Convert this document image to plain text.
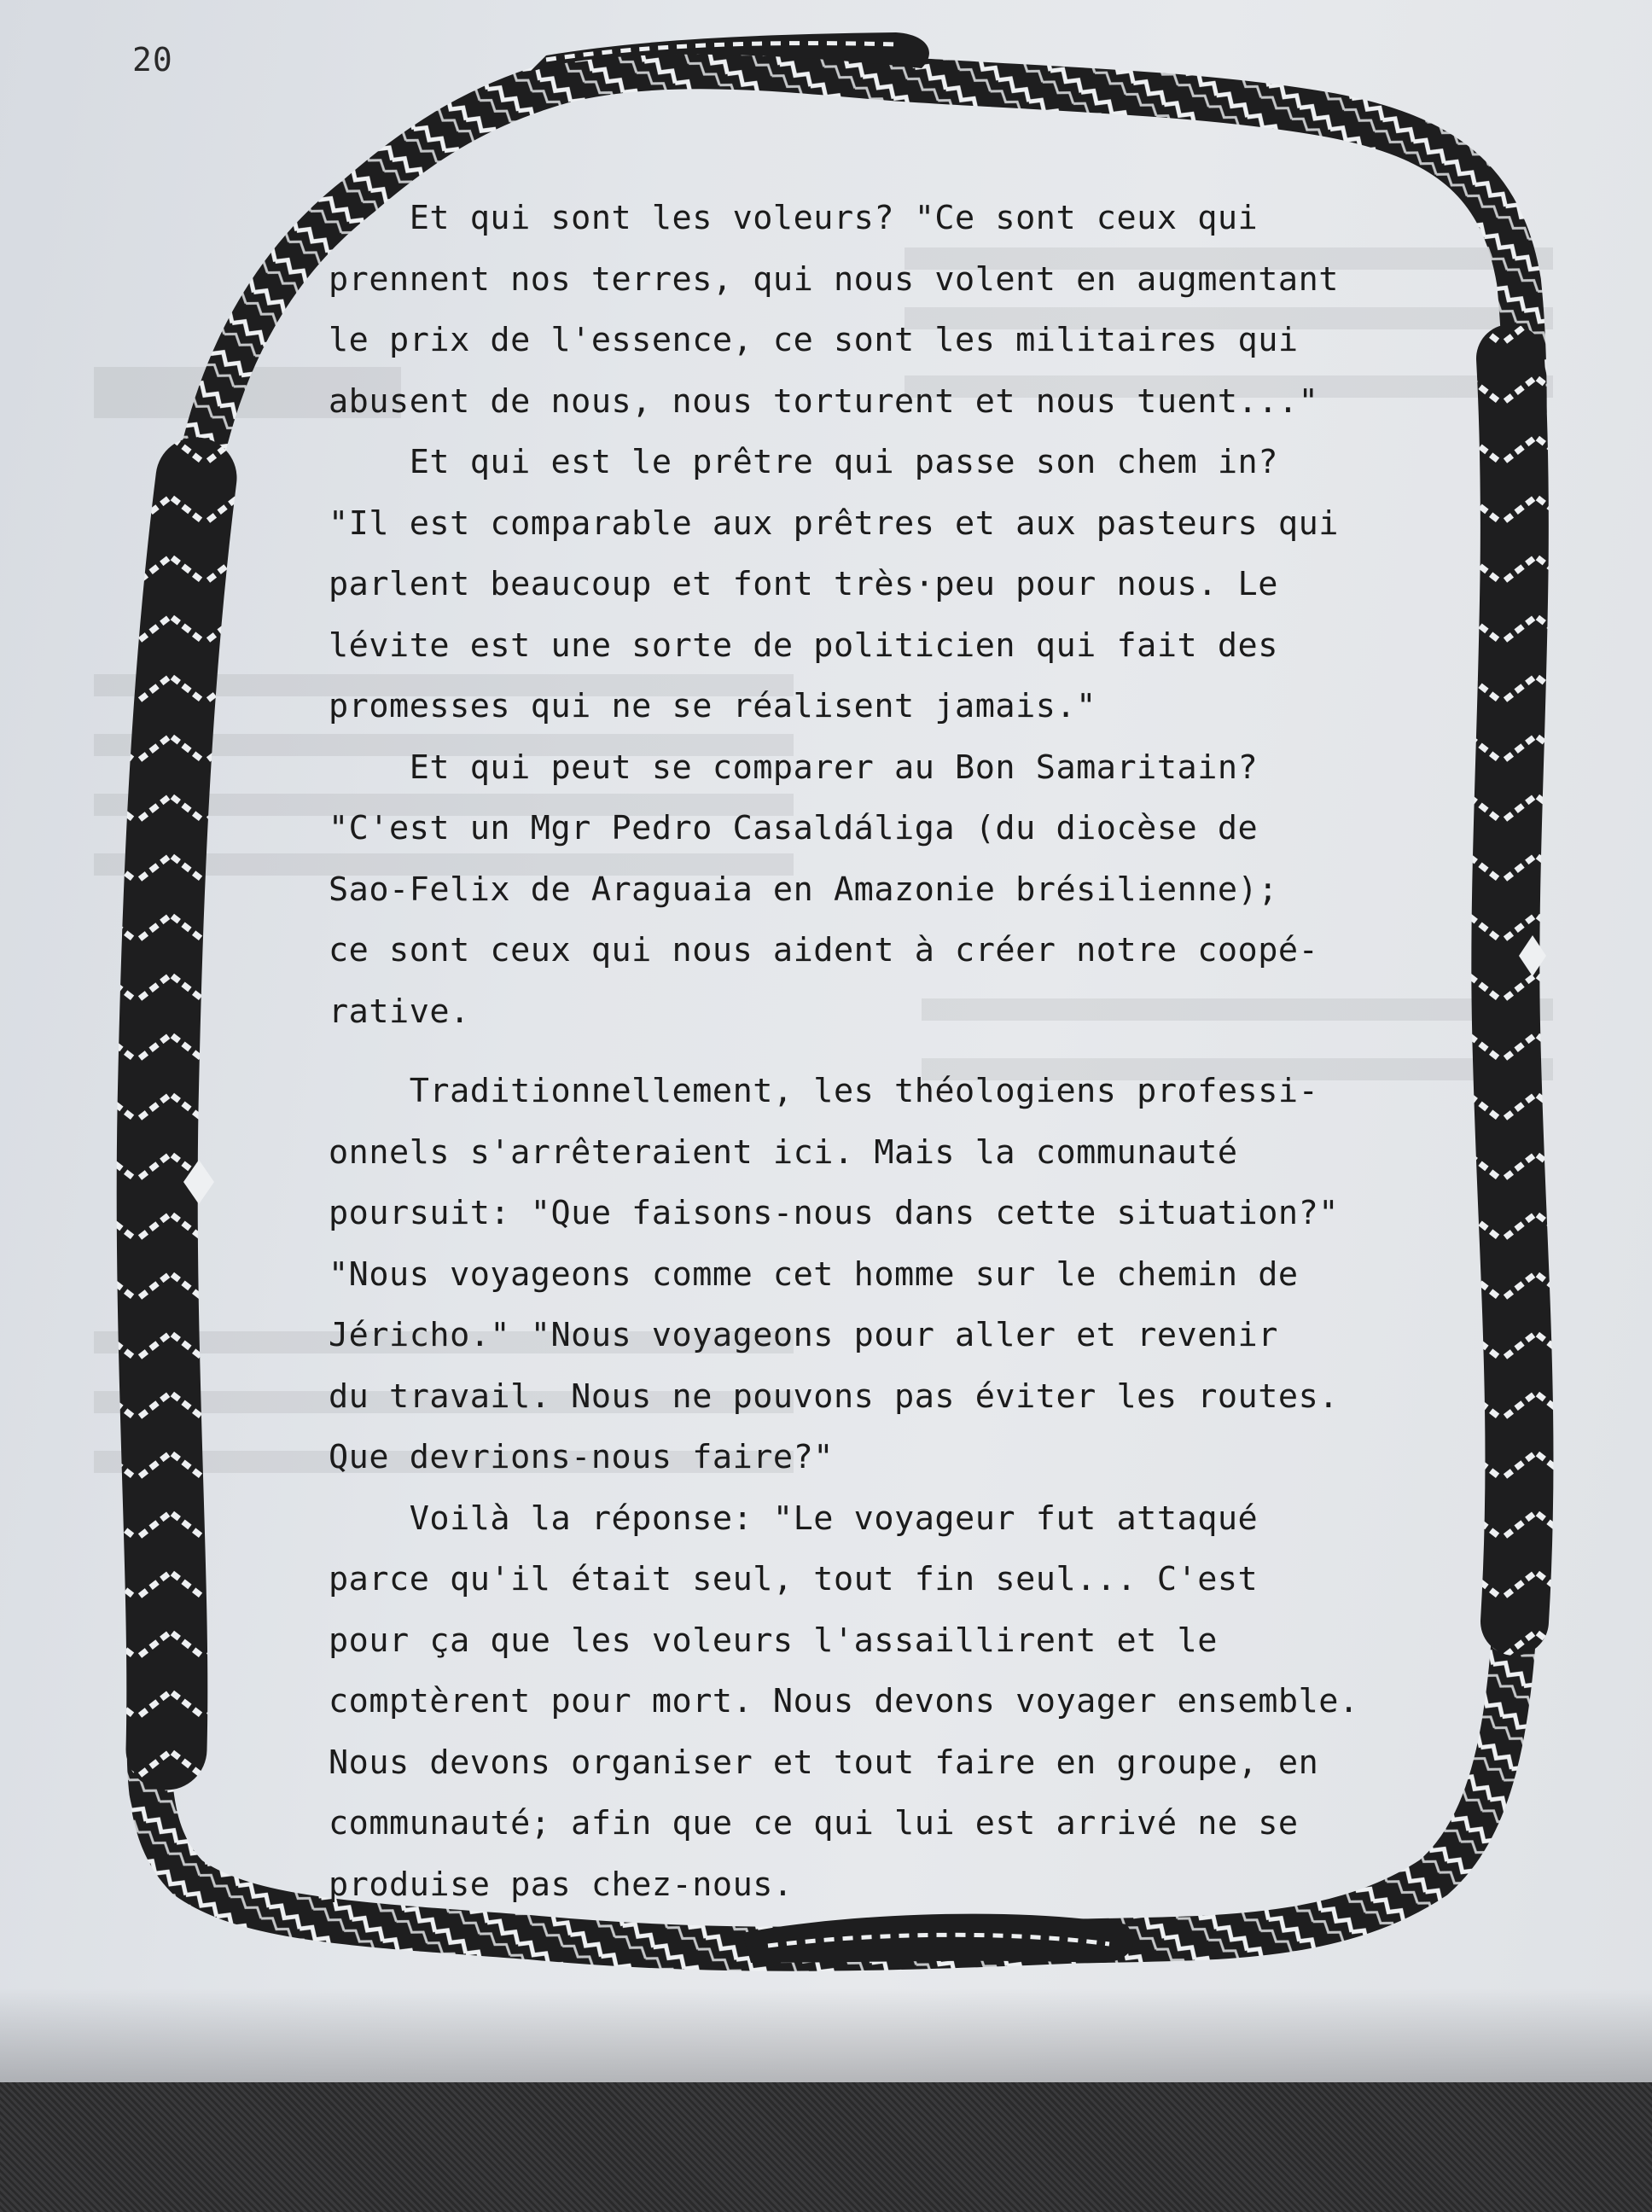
20
Et qui sont les voleurs? "Ce sont ceux qui
prennent nos terres, qui nous volent en augmentant
le prix de l'essence, ce sont les militaires qui
abusent de nous, nous torturent et nous tuent..."
Et qui est le prêtre qui passe son chem in?
"Il est comparable aux prêtres et aux pasteurs qui
parlent beaucoup et font très·peu pour nous. Le
lévite est une sorte de politicien qui fait des
promesses qui ne se réalisent jamais."
Et qui peut se comparer au Bon Samaritain?
"C'est un Mgr Pedro Casaldáliga (du diocèse de
Sao-Felix de Araguaia en Amazonie brésilienne);
ce sont ceux qui nous aident à créer notre coopé-
rative.
Traditionnellement, les théologiens professi-
onnels s'arrêteraient ici. Mais la communauté
poursuit: "Que faisons-nous dans cette situation?"
"Nous voyageons comme cet homme sur le chemin de
Jéricho." "Nous voyageons pour aller et revenir
du travail. Nous ne pouvons pas éviter les routes.
Que devrions-nous faire?"
Voilà la réponse: "Le voyageur fut attaqué
parce qu'il était seul, tout fin seul... C'est
pour ça que les voleurs l'assaillirent et le
comptèrent pour mort. Nous devons voyager ensemble.
Nous devons organiser et tout faire en groupe, en
communauté; afin que ce qui lui est arrivé ne se
produise pas chez-nous.
